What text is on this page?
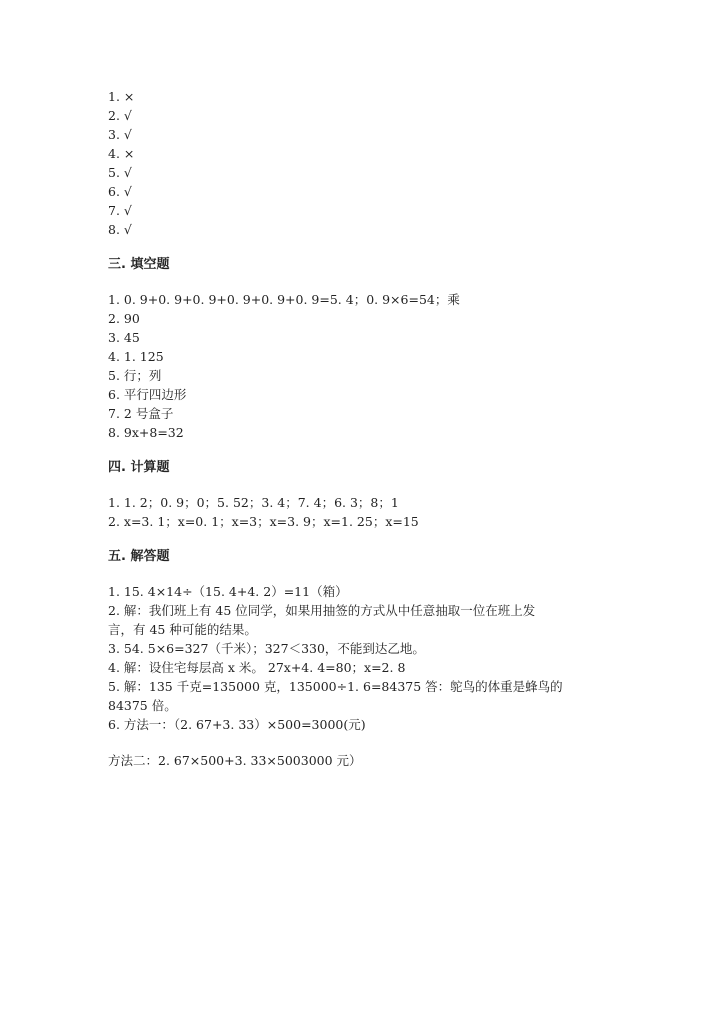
1. ×
2. √
3. √
4. ×
5. √
6. √
7. √
8. √
三. 填空题
1. 0. 9+0. 9+0. 9+0. 9+0. 9+0. 9=5. 4；0. 9×6=54；乘
2. 90
3. 45
4. 1. 125
5. 行；列
6. 平行四边形
7. 2 号盒子
8. 9x+8=32
四. 计算题
1. 1. 2；0. 9；0；5. 52；3. 4；7. 4；6. 3；8；1
2. x=3. 1；x=0. 1；x=3；x=3. 9；x=1. 25；x=15
五. 解答题
1. 15. 4×14÷（15. 4+4. 2）=11（箱）
2. 解：我们班上有 45 位同学，如果用抽签的方式从中任意抽取一位在班上发
言，有 45 种可能的结果。
3. 54. 5×6=327（千米）；327＜330，不能到达乙地。
4. 解：设住宅每层高 x 米。 27x+4. 4=80；x=2. 8
5. 解：135 千克=135000 克，135000÷1. 6=84375 答：鸵鸟的体重是蜂鸟的
84375 倍。
6. 方法一：（2. 67+3. 33）×500=3000(元)
方法二：2. 67×500+3. 33×5003000 元）
